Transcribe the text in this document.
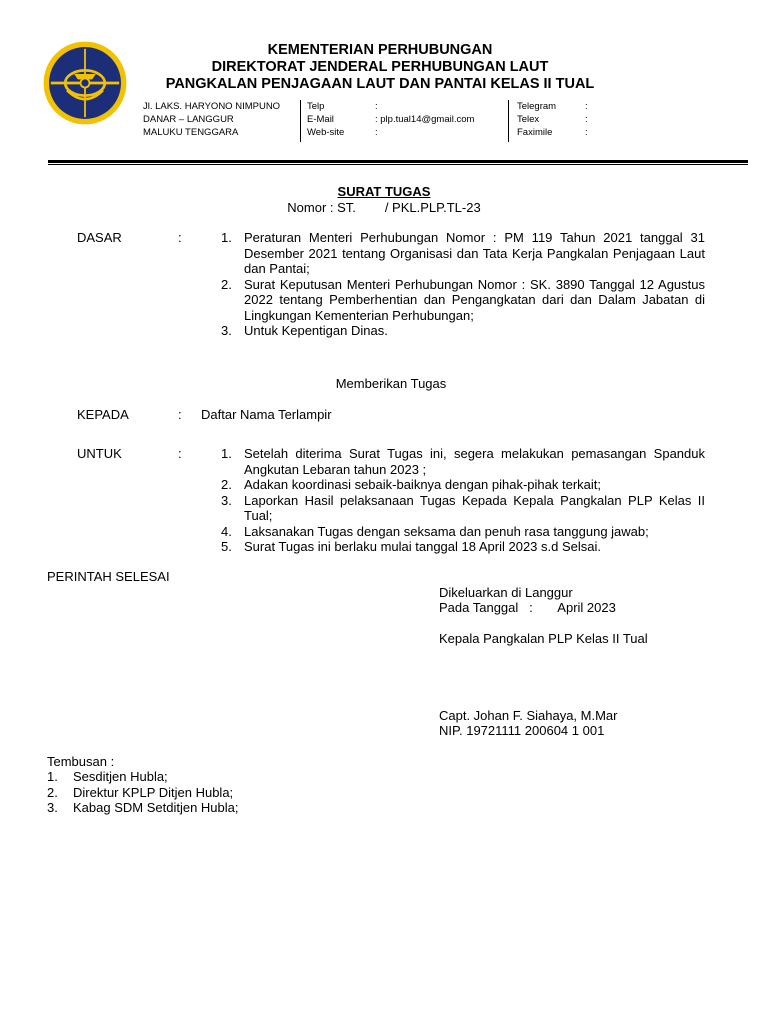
KEMENTERIAN PERHUBUNGAN
DIREKTORAT JENDERAL PERHUBUNGAN LAUT
PANGKALAN PENJAGAAN LAUT DAN PANTAI KELAS II TUAL
Jl. LAKS. HARYONO NIMPUNO
DANAR – LANGGUR
MALUKU TENGGARA
Telp	:
E-Mail	: plp.tual14@gmail.com
Web-site	:
Telegram	:
Telex	:
Faximile	:
SURAT TUGAS
Nomor : ST.        / PKL.PLP.TL-23
DASAR	:	1. Peraturan Menteri Perhubungan Nomor : PM 119 Tahun 2021 tanggal 31 Desember 2021 tentang Organisasi dan Tata Kerja Pangkalan Penjagaan Laut dan Pantai;
2. Surat Keputusan Menteri Perhubungan Nomor : SK. 3890 Tanggal 12 Agustus 2022 tentang Pemberhentian dan Pengangkatan dari dan Dalam Jabatan di Lingkungan Kementerian Perhubungan;
3. Untuk Kepentigan Dinas.
Memberikan Tugas
KEPADA	: Daftar Nama Terlampir
UNTUK	:	1. Setelah diterima Surat Tugas ini, segera melakukan pemasangan Spanduk Angkutan Lebaran tahun 2023 ;
2. Adakan koordinasi sebaik-baiknya dengan pihak-pihak terkait;
3. Laporkan Hasil pelaksanaan Tugas Kepada Kepala Pangkalan PLP Kelas II Tual;
4. Laksanakan Tugas dengan seksama dan penuh rasa tanggung jawab;
5. Surat Tugas ini berlaku mulai tanggal 18 April 2023 s.d Selsai.
PERINTAH SELESAI
Dikeluarkan di Langgur
Pada Tanggal   :       April 2023
Kepala Pangkalan PLP Kelas II Tual
Capt. Johan F. Siahaya, M.Mar
NIP. 19721111 200604 1 001
Tembusan :
1.	Sesditjen Hubla;
2.	Direktur KPLP Ditjen Hubla;
3.	Kabag SDM Setditjen Hubla;
